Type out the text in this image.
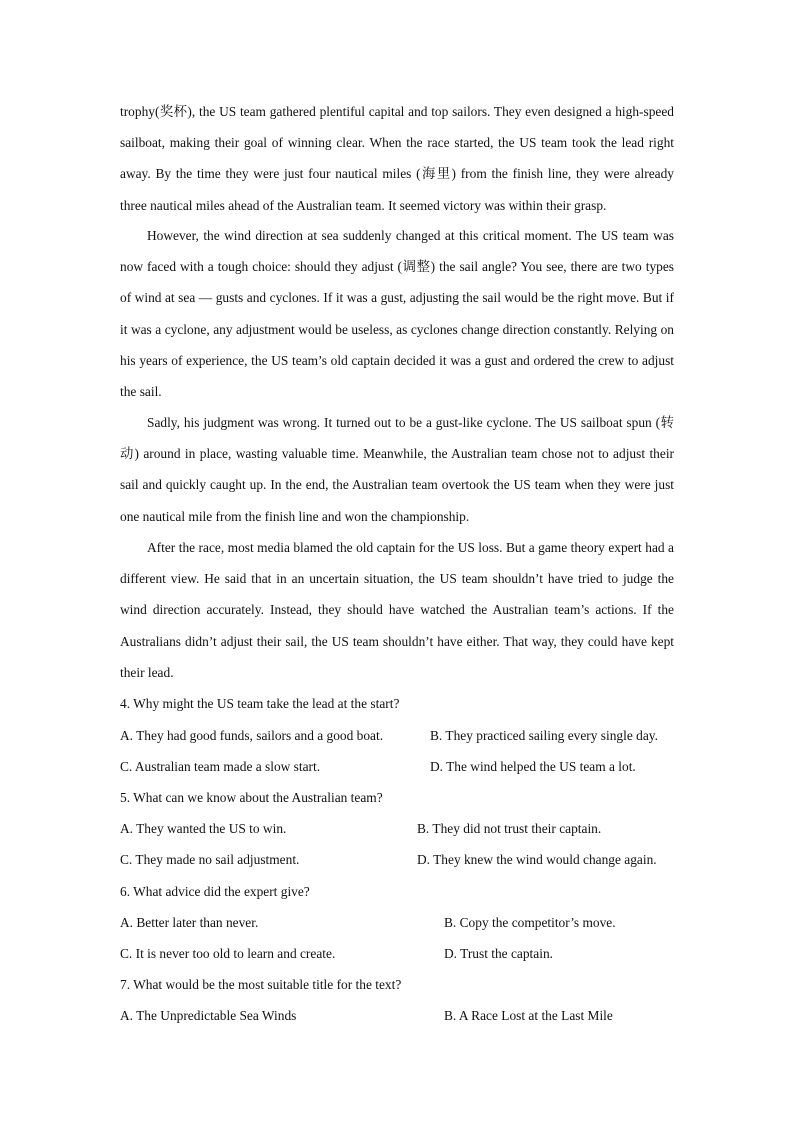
trophy(奖杯), the US team gathered plentiful capital and top sailors. They even designed a high-speed sailboat, making their goal of winning clear. When the race started, the US team took the lead right away. By the time they were just four nautical miles (海里) from the finish line, they were already three nautical miles ahead of the Australian team. It seemed victory was within their grasp.

However, the wind direction at sea suddenly changed at this critical moment. The US team was now faced with a tough choice: should they adjust (调整) the sail angle? You see, there are two types of wind at sea — gusts and cyclones. If it was a gust, adjusting the sail would be the right move. But if it was a cyclone, any adjustment would be useless, as cyclones change direction constantly. Relying on his years of experience, the US team’s old captain decided it was a gust and ordered the crew to adjust the sail.

Sadly, his judgment was wrong. It turned out to be a gust-like cyclone. The US sailboat spun (转动) around in place, wasting valuable time. Meanwhile, the Australian team chose not to adjust their sail and quickly caught up. In the end, the Australian team overtook the US team when they were just one nautical mile from the finish line and won the championship.

After the race, most media blamed the old captain for the US loss. But a game theory expert had a different view. He said that in an uncertain situation, the US team shouldn’t have tried to judge the wind direction accurately. Instead, they should have watched the Australian team’s actions. If the Australians didn’t adjust their sail, the US team shouldn’t have either. That way, they could have kept their lead.

4. Why might the US team take the lead at the start?

A. They had good funds, sailors and a good boat.	B. They practiced sailing every single day.

C. Australian team made a slow start.	D. The wind helped the US team a lot.

5. What can we know about the Australian team?

A. They wanted the US to win.	B. They did not trust their captain.

C. They made no sail adjustment.	D. They knew the wind would change again.

6. What advice did the expert give?

A. Better later than never.	B. Copy the competitor’s move.

C. It is never too old to learn and create.	D. Trust the captain.

7. What would be the most suitable title for the text?

A. The Unpredictable Sea Winds	B. A Race Lost at the Last Mile
